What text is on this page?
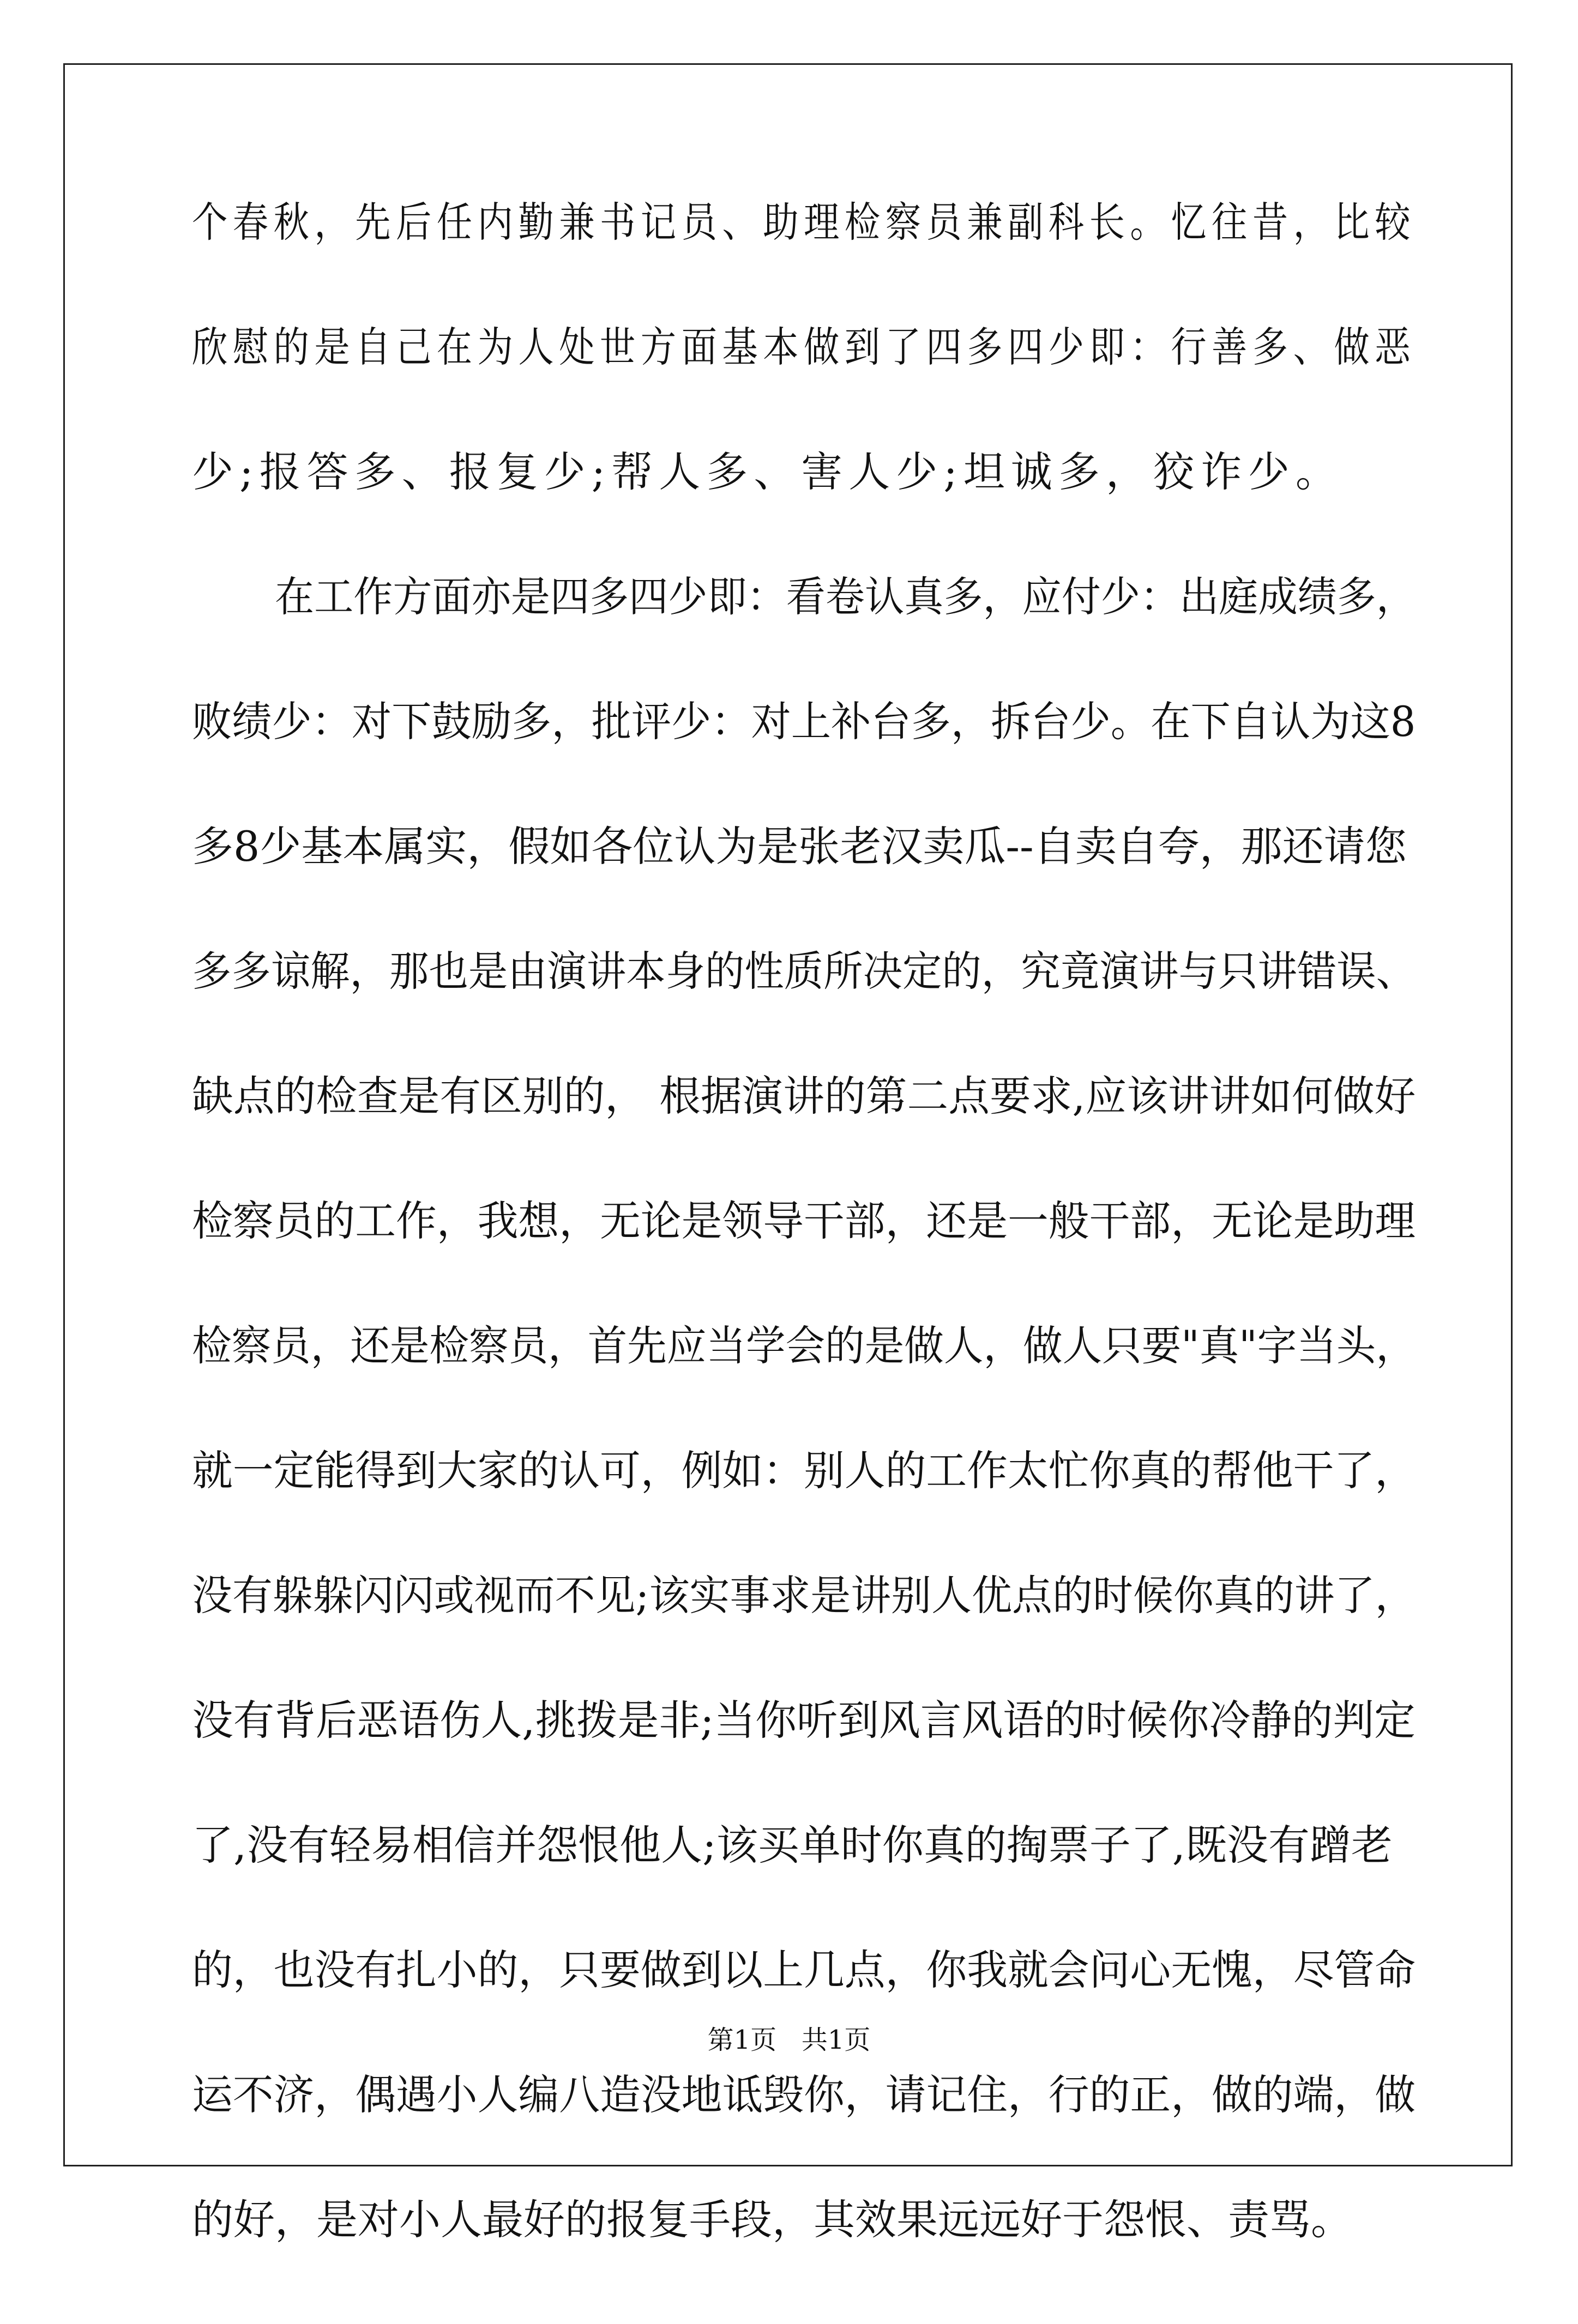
个春秋，先后任内勤兼书记员、助理检察员兼副科长。忆往昔，比较
欣慰的是自己在为人处世方面基本做到了四多四少即：行善多、做恶
少;报答多、报复少;帮人多、害人少;坦诚多，狡诈少。
在工作方面亦是四多四少即：看卷认真多，应付少：出庭成绩多，
败绩少：对下鼓励多，批评少：对上补台多，拆台少。在下自认为这8
多8少基本属实，假如各位认为是张老汉卖瓜--自卖自夸，那还请您
多多谅解，那也是由演讲本身的性质所决定的，究竟演讲与只讲错误、
缺点的检查是有区别的， 根据演讲的第二点要求,应该讲讲如何做好
检察员的工作，我想，无论是领导干部，还是一般干部，无论是助理
检察员，还是检察员，首先应当学会的是做人，做人只要"真"字当头，
就一定能得到大家的认可，例如：别人的工作太忙你真的帮他干了，
没有躲躲闪闪或视而不见;该实事求是讲别人优点的时候你真的讲了，
没有背后恶语伤人,挑拨是非;当你听到风言风语的时候你冷静的判定
了,没有轻易相信并怨恨他人;该买单时你真的掏票子了,既没有蹭老
的，也没有扎小的，只要做到以上几点，你我就会问心无愧，尽管命
运不济，偶遇小人编八造没地诋毁你，请记住，行的正，做的端，做
的好，是对小人最好的报复手段，其效果远远好于怨恨、责骂。
第1页   共1页
